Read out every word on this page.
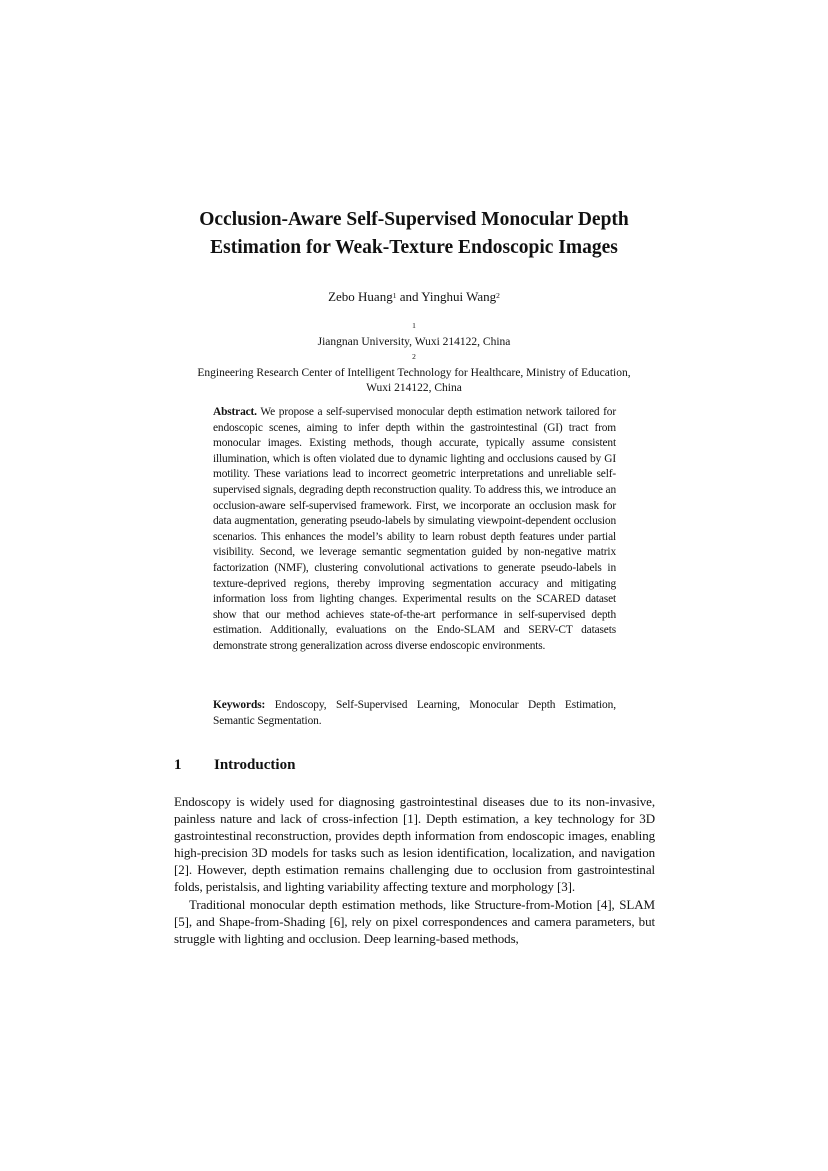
Occlusion-Aware Self-Supervised Monocular Depth
Estimation for Weak-Texture Endoscopic Images
Zebo Huang$^1$ and Yinghui Wang$^2$
$^1$
Jiangnan University, Wuxi 214122, China
$^2$
Engineering Research Center of Intelligent Technology for Healthcare, Ministry of Education,
Wuxi 214122, China
Abstract. We propose a self-supervised monocular depth estimation network tailored for endoscopic scenes, aiming to infer depth within the gastrointestinal (GI) tract from monocular images. Existing methods, though accurate, typically assume consistent illumination, which is often violated due to dynamic lighting and occlusions caused by GI motility. These variations lead to incorrect geometric interpretations and unreliable self-supervised signals, degrading depth reconstruction quality. To address this, we introduce an occlusion-aware self-supervised framework. First, we incorporate an occlusion mask for data augmentation, generating pseudo-labels by simulating viewpoint-dependent occlusion scenarios. This enhances the model’s ability to learn robust depth features under partial visibility. Second, we leverage semantic segmentation guided by non-negative matrix factorization (NMF), clustering convolutional activations to generate pseudo-labels in texture-deprived regions, thereby improving segmentation accuracy and mitigating information loss from lighting changes. Experimental results on the SCARED dataset show that our method achieves state-of-the-art performance in self-supervised depth estimation. Additionally, evaluations on the Endo-SLAM and SERV-CT datasets demonstrate strong generalization across diverse endoscopic environments.
Keywords: Endoscopy, Self-Supervised Learning, Monocular Depth Estimation, Semantic Segmentation.
1 Introduction

Endoscopy is widely used for diagnosing gastrointestinal diseases due to its non-invasive, painless nature and lack of cross-infection [1]. Depth estimation, a key technology for 3D gastrointestinal reconstruction, provides depth information from endoscopic images, enabling high-precision 3D models for tasks such as lesion identification, localization, and navigation [2]. However, depth estimation remains challenging due to occlusion from gastrointestinal folds, peristalsis, and lighting variability affecting texture and morphology [3].

Traditional monocular depth estimation methods, like Structure-from-Motion [4], SLAM [5], and Shape-from-Shading [6], rely on pixel correspondences and camera parameters, but struggle with lighting and occlusion. Deep learning-based methods,
